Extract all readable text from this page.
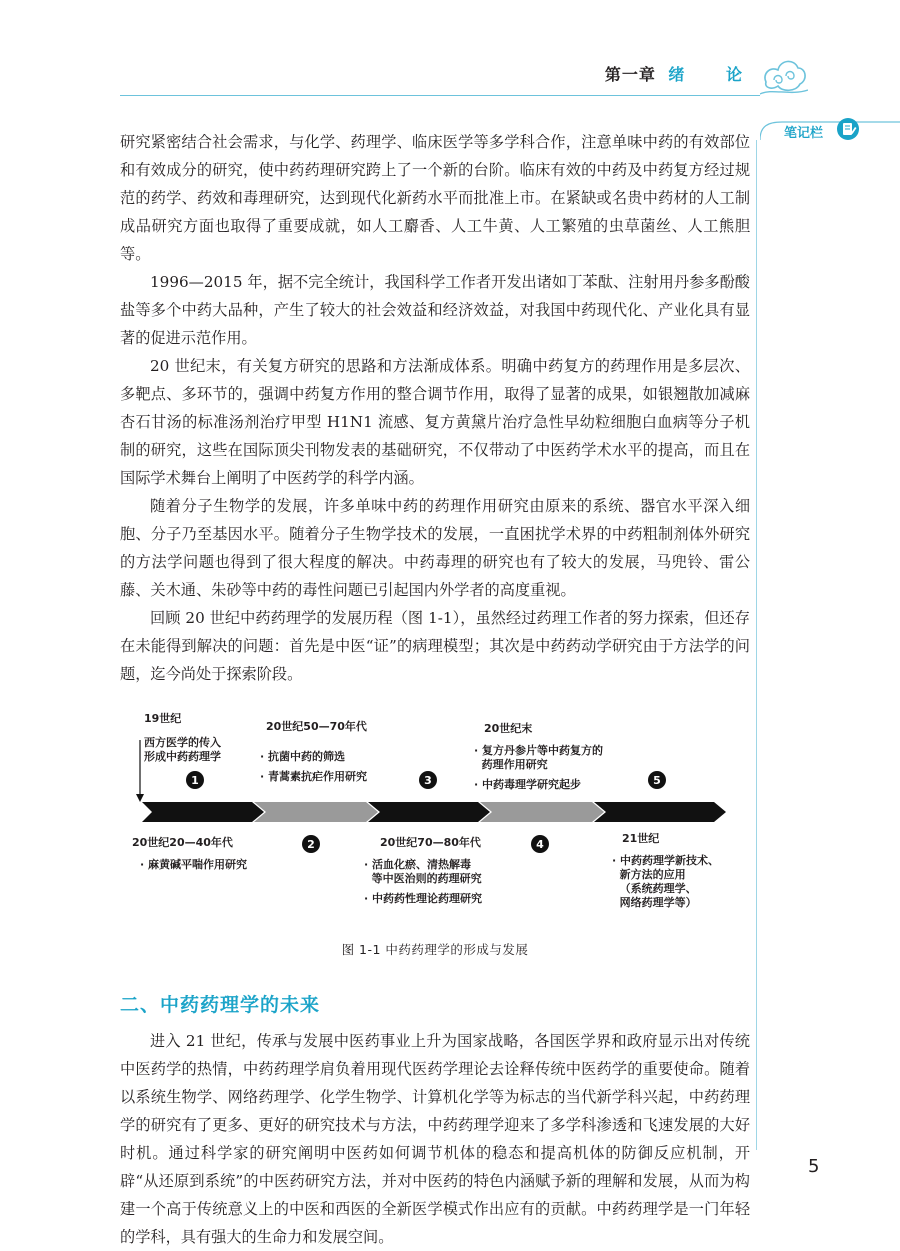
第一章 绪 论
笔记栏

研究紧密结合社会需求，与化学、药理学、临床医学等多学科合作，注意单味中药的有效部位和有效成分的研究，使中药药理研究跨上了一个新的台阶。临床有效的中药及中药复方经过规范的药学、药效和毒理研究，达到现代化新药水平而批准上市。在紧缺或名贵中药材的人工制成品研究方面也取得了重要成就，如人工麝香、人工牛黄、人工繁殖的虫草菌丝、人工熊胆等。

1996—2015 年，据不完全统计，我国科学工作者开发出诸如丁苯酞、注射用丹参多酚酸盐等多个中药大品种，产生了较大的社会效益和经济效益，对我国中药现代化、产业化具有显著的促进示范作用。

20 世纪末，有关复方研究的思路和方法渐成体系。明确中药复方的药理作用是多层次、多靶点、多环节的，强调中药复方作用的整合调节作用，取得了显著的成果，如银翘散加减麻杏石甘汤的标准汤剂治疗甲型 H1N1 流感、复方黄黛片治疗急性早幼粒细胞白血病等分子机制的研究，这些在国际顶尖刊物发表的基础研究，不仅带动了中医药学术水平的提高，而且在国际学术舞台上阐明了中医药学的科学内涵。

随着分子生物学的发展，许多单味中药的药理作用研究由原来的系统、器官水平深入细胞、分子乃至基因水平。随着分子生物学技术的发展，一直困扰学术界的中药粗制剂体外研究的方法学问题也得到了很大程度的解决。中药毒理的研究也有了较大的发展，马兜铃、雷公藤、关木通、朱砂等中药的毒性问题已引起国内外学者的高度重视。

回顾 20 世纪中药药理学的发展历程（图 1-1），虽然经过药理工作者的努力探索，但还存在未能得到解决的问题：首先是中医“证”的病理模型；其次是中药药动学研究由于方法学的问题，迄今尚处于探索阶段。

1
2
3
4
5
19世纪
西方医学的传入
形成中药药理学
20世纪50—70年代
· 抗菌中药的筛选
· 青蒿素抗疟作用研究
20世纪末
· 复方丹参片等中药复方的
药理作用研究
· 中药毒理学研究起步
20世纪20—40年代
· 麻黄碱平喘作用研究
20世纪70—80年代
· 活血化瘀、清热解毒
等中医治则的药理研究
· 中药药性理论药理研究
21世纪
· 中药药理学新技术、
新方法的应用
（系统药理学、
网络药理学等）
图 1-1 中药药理学的形成与发展
二、中药药理学的未来

进入 21 世纪，传承与发展中医药事业上升为国家战略，各国医学界和政府显示出对传统中医药学的热情，中药药理学肩负着用现代医药学理论去诠释传统中医药学的重要使命。随着以系统生物学、网络药理学、化学生物学、计算机化学等为标志的当代新学科兴起，中药药理学的研究有了更多、更好的研究技术与方法，中药药理学迎来了多学科渗透和飞速发展的大好时机。通过科学家的研究阐明中医药如何调节机体的稳态和提高机体的防御反应机制，开辟“从还原到系统”的中医药研究方法，并对中医药的特色内涵赋予新的理解和发展，从而为构建一个高于传统意义上的中医和西医的全新医学模式作出应有的贡献。中药药理学是一门年轻的学科，具有强大的生命力和发展空间。

5
